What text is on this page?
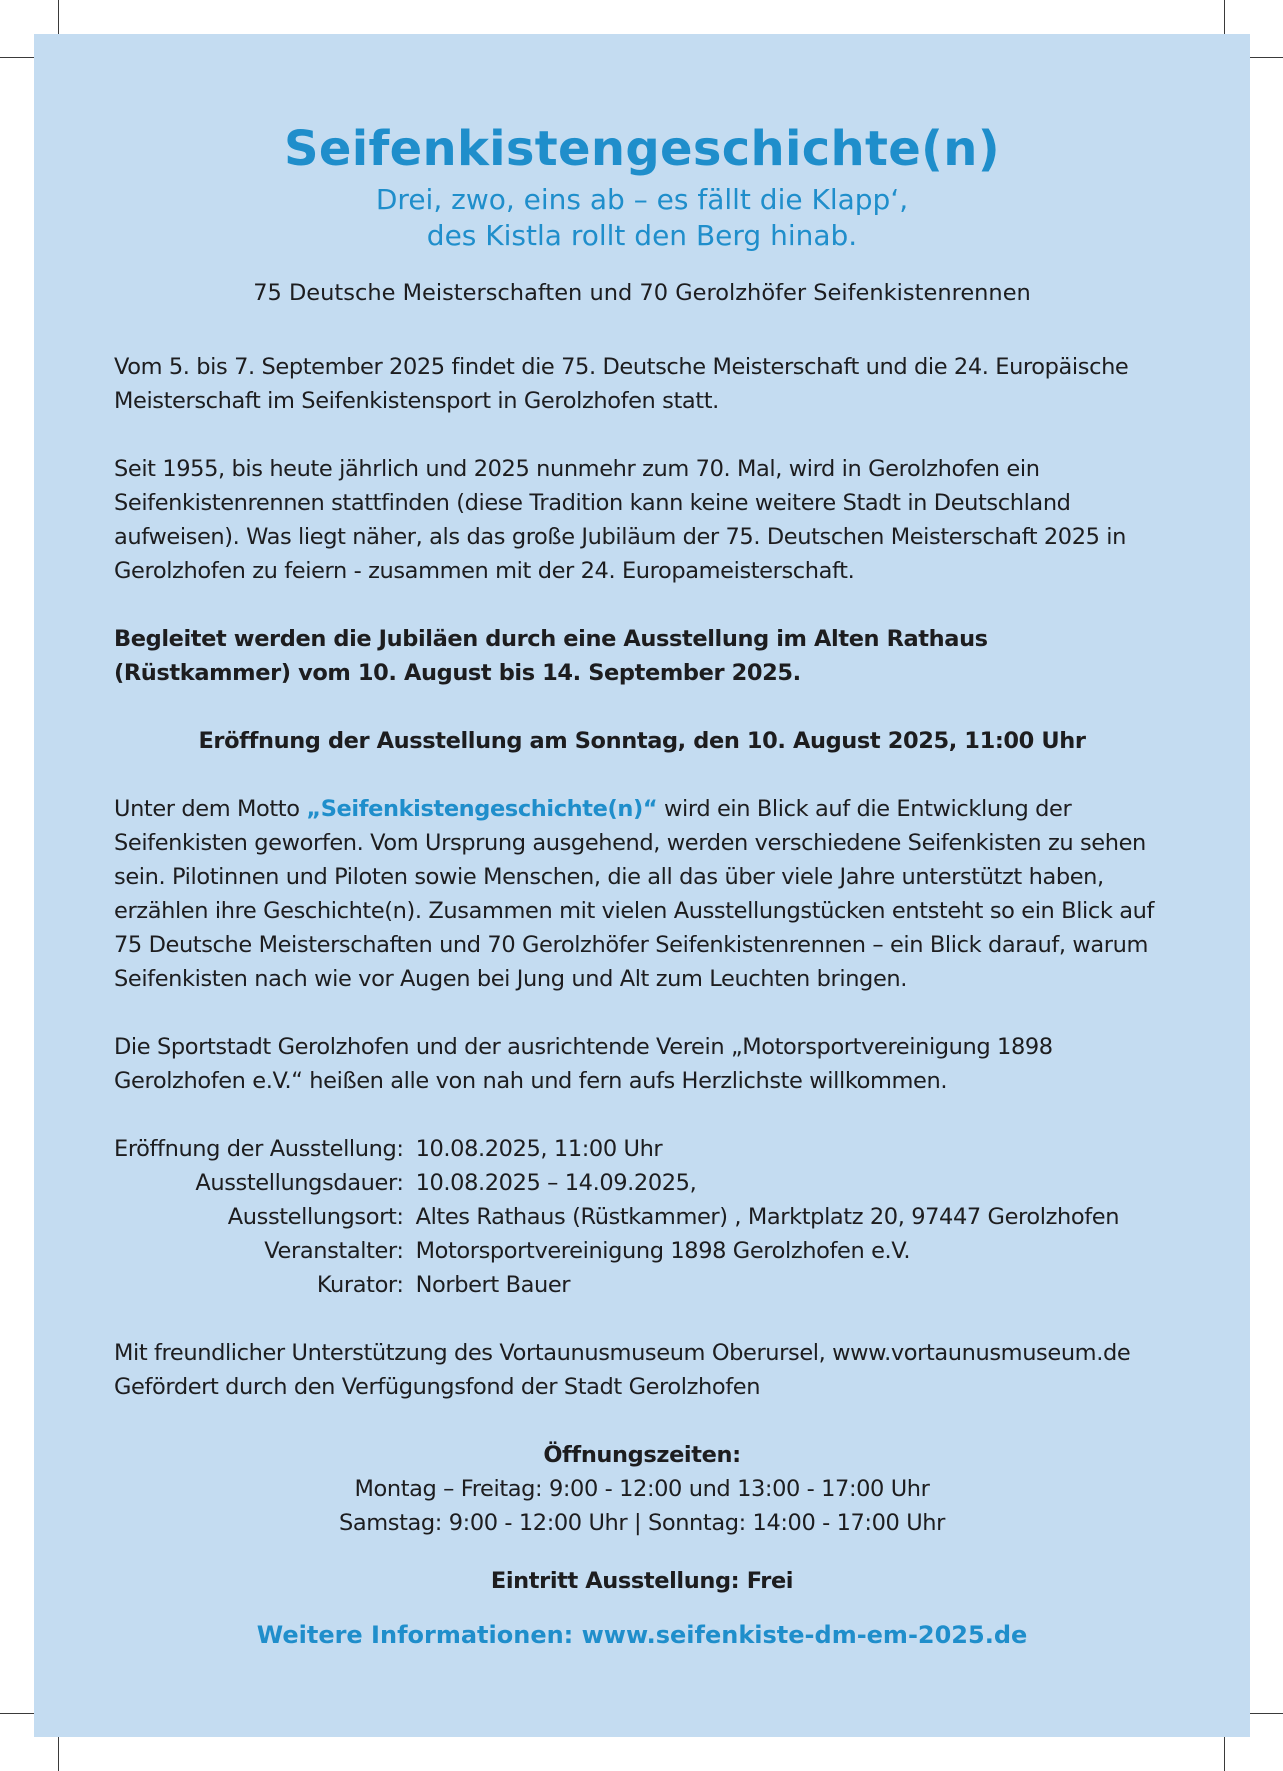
Seifenkistengeschichte(n)

Drei, zwo, eins ab – es fällt die Klapp‘,

des Kistla rollt den Berg hinab.

75 Deutsche Meisterschaften und 70 Gerolzhöfer Seifenkistenrennen

Vom 5. bis 7. September 2025 findet die 75. Deutsche Meisterschaft und die 24. Europäische Meisterschaft im Seifenkistensport in Gerolzhofen statt.

Seit 1955, bis heute jährlich und 2025 nunmehr zum 70. Mal, wird in Gerolzhofen ein Seifenkistenrennen stattfinden (diese Tradition kann keine weitere Stadt in Deutschland aufweisen). Was liegt näher, als das große Jubiläum der 75. Deutschen Meisterschaft 2025 in Gerolzhofen zu feiern - zusammen mit der 24. Europameisterschaft.

Begleitet werden die Jubiläen durch eine Ausstellung im Alten Rathaus (Rüstkammer) vom 10. August bis 14. September 2025.

Eröffnung der Ausstellung am Sonntag, den 10. August 2025, 11:00 Uhr

Unter dem Motto „Seifenkistengeschichte(n)“ wird ein Blick auf die Entwicklung der Seifenkisten geworfen. Vom Ursprung ausgehend, werden verschiedene Seifenkisten zu sehen sein. Pilotinnen und Piloten sowie Menschen, die all das über viele Jahre unterstützt haben, erzählen ihre Geschichte(n). Zusammen mit vielen Ausstellungstücken entsteht so ein Blick auf 75 Deutsche Meisterschaften und 70 Gerolzhöfer Seifenkistenrennen – ein Blick darauf, warum Seifenkisten nach wie vor Augen bei Jung und Alt zum Leuchten bringen.

Die Sportstadt Gerolzhofen und der ausrichtende Verein „Motorsportvereinigung 1898 Gerolzhofen e.V.“ heißen alle von nah und fern aufs Herzlichste willkommen.

Eröffnung der Ausstellung:	10.08.2025, 11:00 Uhr
Ausstellungsdauer:	10.08.2025 – 14.09.2025,
Ausstellungsort:	Altes Rathaus (Rüstkammer) , Marktplatz 20, 97447 Gerolzhofen
Veranstalter:	Motorsportvereinigung 1898 Gerolzhofen e.V.
Kurator:	Norbert Bauer

Mit freundlicher Unterstützung des Vortaunusmuseum Oberursel, www.vortaunusmuseum.de

Gefördert durch den Verfügungsfond der Stadt Gerolzhofen

Öffnungszeiten:

Montag – Freitag: 9:00 - 12:00 und 13:00 - 17:00 Uhr

Samstag: 9:00 - 12:00 Uhr | Sonntag: 14:00 - 17:00 Uhr

Eintritt Ausstellung: Frei

Weitere Informationen: www.seifenkiste-dm-em-2025.de
